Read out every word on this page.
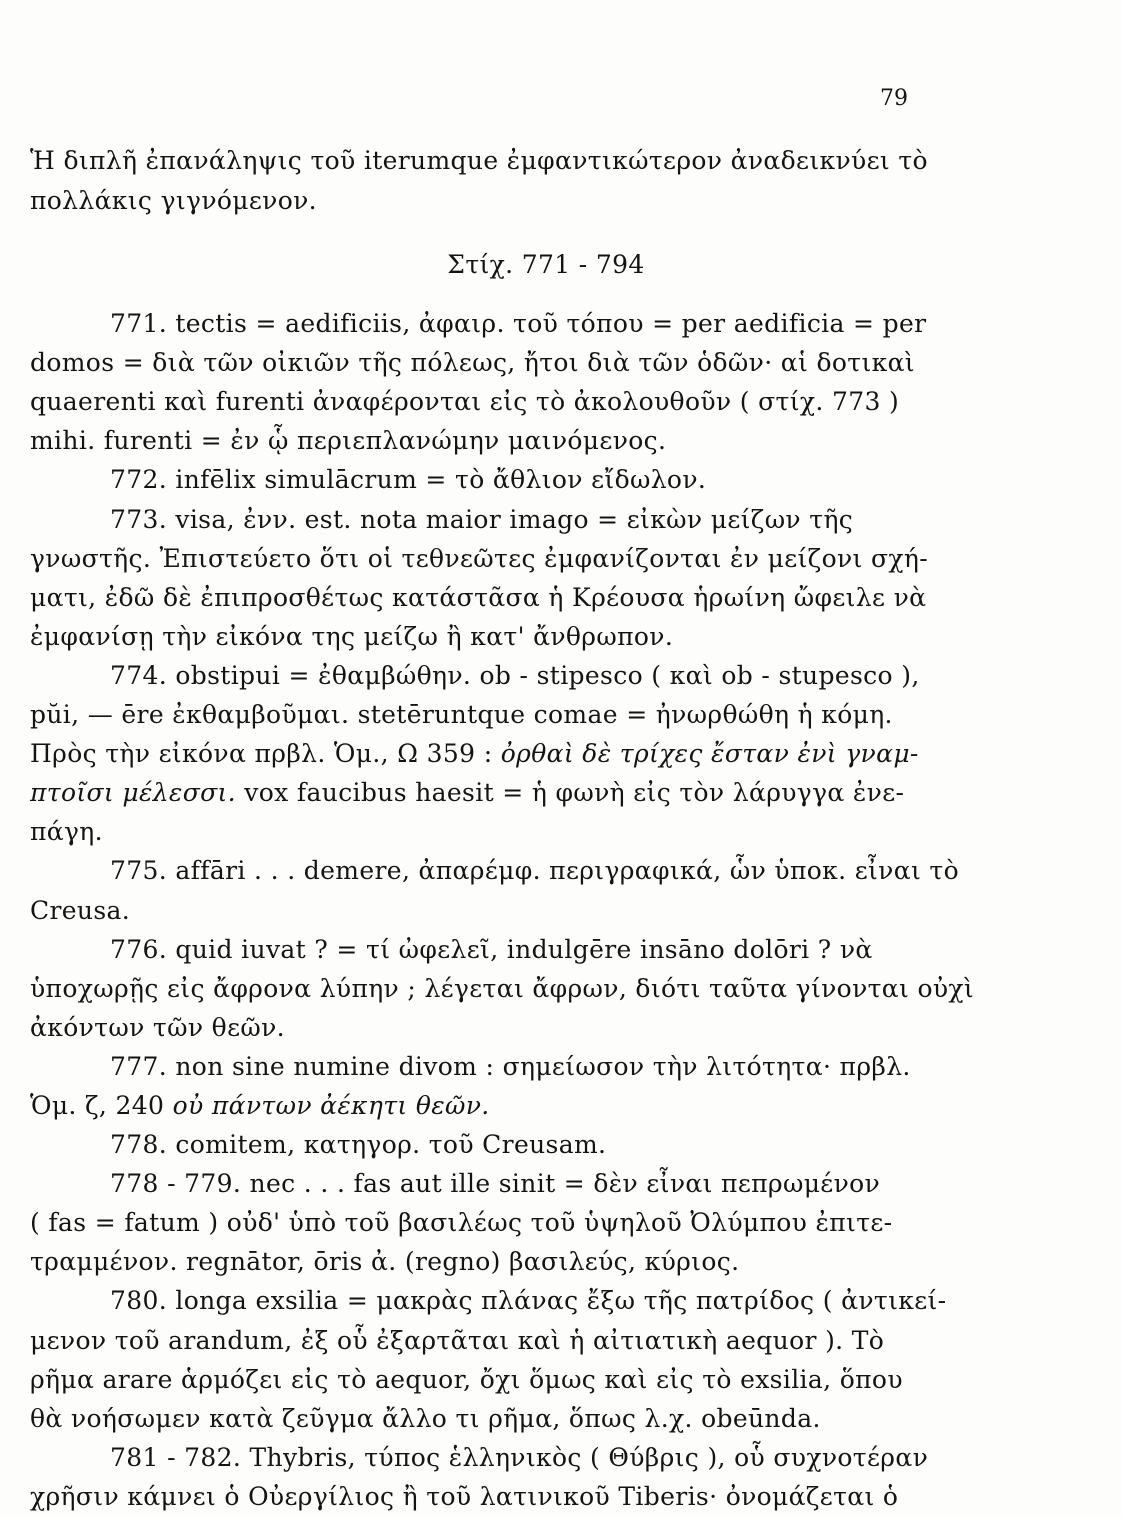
79
Ἡ διπλῆ ἐπανάληψις τοῦ iterumque ἐμφαντικώτερον ἀναδεικνύει τὸ
πολλάκις γιγνόμενον.
Στίχ. 771 - 794
771. tectis = aedificiis, ἀφαιρ. τοῦ τόπου = per aedificia = per
domos = διὰ τῶν οἰκιῶν τῆς πόλεως, ἤτοι διὰ τῶν ὁδῶν· αἱ δοτικαὶ
quaerenti καὶ furenti ἀναφέρονται εἰς τὸ ἀκολουθοῦν ( στίχ. 773 )
mihi. furenti = ἐν ᾧ περιεπλανώμην μαινόμενος.
772. infēlix simulācrum = τὸ ἄθλιον εἴδωλον.
773. visa, ἐνν. est. nota maior imago = εἰκὼν μείζων τῆς
γνωστῆς. Ἐπιστεύετο ὅτι οἱ τεθνεῶτες ἐμφανίζονται ἐν μείζονι σχή-
ματι, ἐδῶ δὲ ἐπιπροσθέτως κατάστᾶσα ἡ Κρέουσα ἡρωίνη ὤφειλε νὰ
ἐμφανίσῃ τὴν εἰκόνα της μείζω ἢ κατ' ἄνθρωπον.
774. obstipui = ἐθαμβώθην. ob - stipesco ( καὶ ob - stupesco ),
pŭi, — ēre ἐκθαμβοῦμαι. stetēruntque comae = ἠνωρθώθη ἡ κόμη.
Πρὸς τὴν εἰκόνα πρβλ. Ὁμ., Ω 359 : ὀρθαὶ δὲ τρίχες ἔσταν ἐνὶ γναμ-
πτοῖσι μέλεσσι. vox faucibus haesit = ἡ φωνὴ εἰς τὸν λάρυγγα ἐνε-
πάγη.
775. affāri . . . demere, ἀπαρέμφ. περιγραφικά, ὧν ὑποκ. εἶναι τὸ
Creusa.
776. quid iuvat ? = τί ὠφελεῖ, indulgēre insāno dolōri ? νὰ
ὑποχωρῇς εἰς ἄφρονα λύπην ; λέγεται ἄφρων, διότι ταῦτα γίνονται οὐχὶ
ἀκόντων τῶν θεῶν.
777. non sine numine divom : σημείωσον τὴν λιτότητα· πρβλ.
Ὁμ. ζ, 240 οὐ πάντων ἀέκητι θεῶν.
778. comitem, κατηγορ. τοῦ Creusam.
778 - 779. nec . . . fas aut ille sinit = δὲν εἶναι πεπρωμένον
( fas = fatum ) οὐδ' ὑπὸ τοῦ βασιλέως τοῦ ὑψηλοῦ Ὀλύμπου ἐπιτε-
τραμμένον. regnātor, ōris ἀ. (regno) βασιλεύς, κύριος.
780. longa exsilia = μακρὰς πλάνας ἔξω τῆς πατρίδος ( ἀντικεί-
μενον τοῦ arandum, ἐξ οὗ ἐξαρτᾶται καὶ ἡ αἰτιατικὴ aequor ). Τὸ
ρῆμα arare ἁρμόζει εἰς τὸ aequor, ὄχι ὅμως καὶ εἰς τὸ exsilia, ὅπου
θὰ νοήσωμεν κατὰ ζεῦγμα ἄλλο τι ρῆμα, ὅπως λ.χ. obeūnda.
781 - 782. Thybris, τύπος ἑλληνικὸς ( Θύβρις ), οὗ συχνοτέραν
χρῆσιν κάμνει ὁ Οὐεργίλιος ἢ τοῦ λατινικοῦ Tiberis· ὀνομάζεται ὁ
